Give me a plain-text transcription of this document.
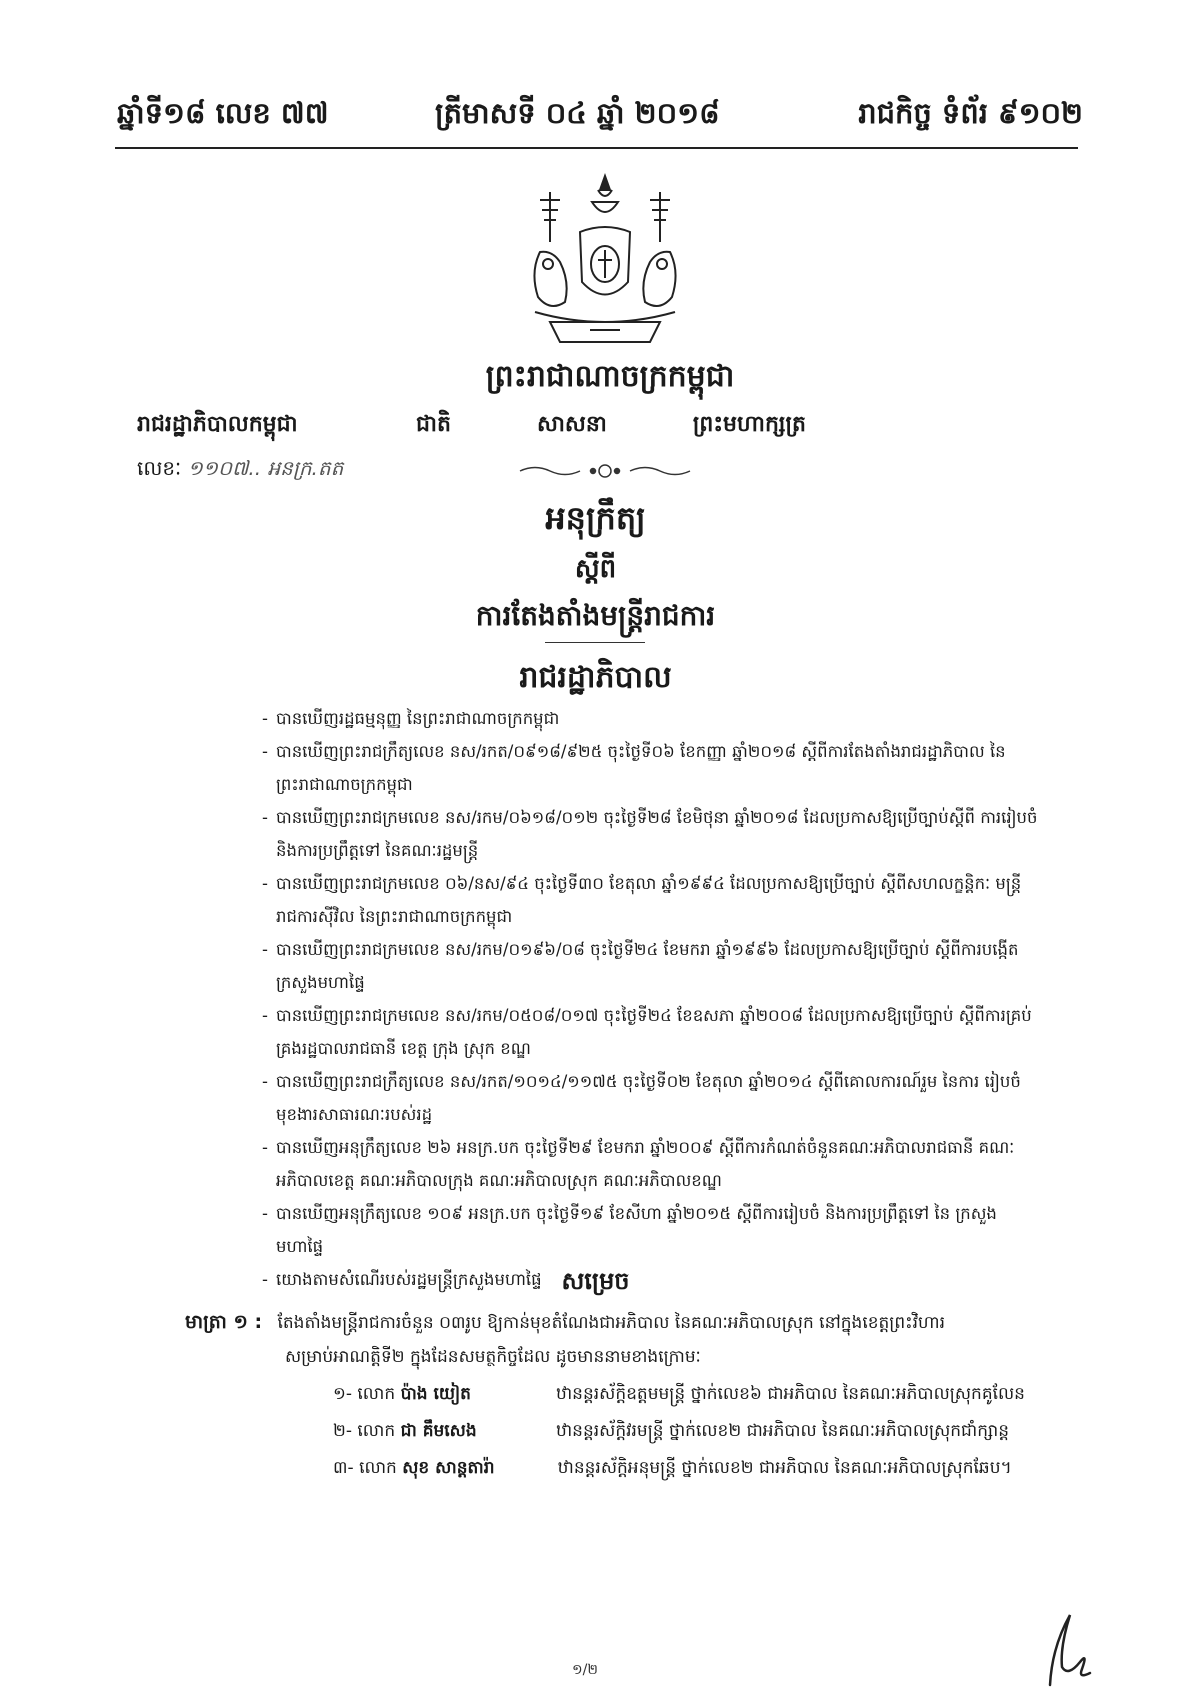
ឆ្នាំទី១៨ លេខ ៧៧	ត្រីមាសទី ០៤ ឆ្នាំ ២០១៨	រាជកិច្ច ទំព័រ ៩១០២
ព្រះរាជាណាចក្រកម្ពុជា
រាជរដ្ឋាភិបាលកម្ពុជា	ជាតិ	សាសនា	ព្រះមហាក្សត្រ
លេខៈ ១១០៧.. អនក្រ.តត
អនុក្រឹត្យ
ស្តីពី
ការតែងតាំងមន្ត្រីរាជការ
រាជរដ្ឋាភិបាល
- បានឃើញរដ្ឋធម្មនុញ្ញ នៃព្រះរាជាណាចក្រកម្ពុជា
- បានឃើញព្រះរាជក្រឹត្យលេខ នស/រកត/០៩១៨/៩២៥ ចុះថ្ងៃទី០៦ ខែកញ្ញា ឆ្នាំ២០១៨ ស្តីពីការតែងតាំងរាជរដ្ឋាភិបាល នៃព្រះរាជាណាចក្រកម្ពុជា
- បានឃើញព្រះរាជក្រមលេខ នស/រកម/០៦១៨/០១២ ចុះថ្ងៃទី២៨ ខែមិថុនា ឆ្នាំ២០១៨ ដែលប្រកាសឱ្យប្រើច្បាប់ស្តីពី ការរៀបចំ និងការប្រព្រឹត្តទៅ នៃគណៈរដ្ឋមន្ត្រី
- បានឃើញព្រះរាជក្រមលេខ ០៦/នស/៩៤ ចុះថ្ងៃទី៣០ ខែតុលា ឆ្នាំ១៩៩៤ ដែលប្រកាសឱ្យប្រើច្បាប់ ស្តីពីសហលក្ខន្តិកៈ មន្ត្រីរាជការស៊ីវិល នៃព្រះរាជាណាចក្រកម្ពុជា
- បានឃើញព្រះរាជក្រមលេខ នស/រកម/០១៩៦/០៨ ចុះថ្ងៃទី២៤ ខែមករា ឆ្នាំ១៩៩៦ ដែលប្រកាសឱ្យប្រើច្បាប់ ស្តីពីការបង្កើតក្រសួងមហាផ្ទៃ
- បានឃើញព្រះរាជក្រមលេខ នស/រកម/០៥០៨/០១៧ ចុះថ្ងៃទី២៤ ខែឧសភា ឆ្នាំ២០០៨ ដែលប្រកាសឱ្យប្រើច្បាប់ ស្តីពីការគ្រប់គ្រងរដ្ឋបាលរាជធានី ខេត្ត ក្រុង ស្រុក ខណ្ឌ
- បានឃើញព្រះរាជក្រឹត្យលេខ នស/រកត/១០១៤/១១៧៥ ចុះថ្ងៃទី០២ ខែតុលា ឆ្នាំ២០១៤ ស្តីពីគោលការណ៍រួម នៃការ រៀបចំមុខងារសាធារណៈរបស់រដ្ឋ
- បានឃើញអនុក្រឹត្យលេខ ២៦ អនក្រ.បក ចុះថ្ងៃទី២៩ ខែមករា ឆ្នាំ២០០៩ ស្តីពីការកំណត់ចំនួនគណៈអភិបាលរាជធានី គណៈអភិបាលខេត្ត គណៈអភិបាលក្រុង គណៈអភិបាលស្រុក គណៈអភិបាលខណ្ឌ
- បានឃើញអនុក្រឹត្យលេខ ១០៩ អនក្រ.បក ចុះថ្ងៃទី១៩ ខែសីហា ឆ្នាំ២០១៥ ស្តីពីការរៀបចំ និងការប្រព្រឹត្តទៅ នៃ ក្រសួងមហាផ្ទៃ
- យោងតាមសំណើរបស់រដ្ឋមន្ត្រីក្រសួងមហាផ្ទៃ សម្រេច
មាត្រា ១ : តែងតាំងមន្ត្រីរាជការចំនួន ០៣រូប ឱ្យកាន់មុខតំណែងជាអភិបាល នៃគណៈអភិបាលស្រុក នៅក្នុងខេត្តព្រះវិហារ
សម្រាប់អាណត្តិទី២ ក្នុងដែនសមត្ថកិច្ចដែល ដូចមាននាមខាងក្រោមៈ
១- លោក ប៉ាង យៀត	ឋានន្តរស័ក្តិឧត្តមមន្ត្រី ថ្នាក់លេខ៦ ជាអភិបាល នៃគណៈអភិបាលស្រុកគូលែន
២- លោក ជា គឹមសេង	ឋានន្តរស័ក្តិវរមន្ត្រី ថ្នាក់លេខ២ ជាអភិបាល នៃគណៈអភិបាលស្រុកជាំក្សាន្ត
៣- លោក សុខ សាន្តតារ៉ា	ឋានន្តរស័ក្តិអនុមន្ត្រី ថ្នាក់លេខ២ ជាអភិបាល នៃគណៈអភិបាលស្រុកឆែប។
១/២
